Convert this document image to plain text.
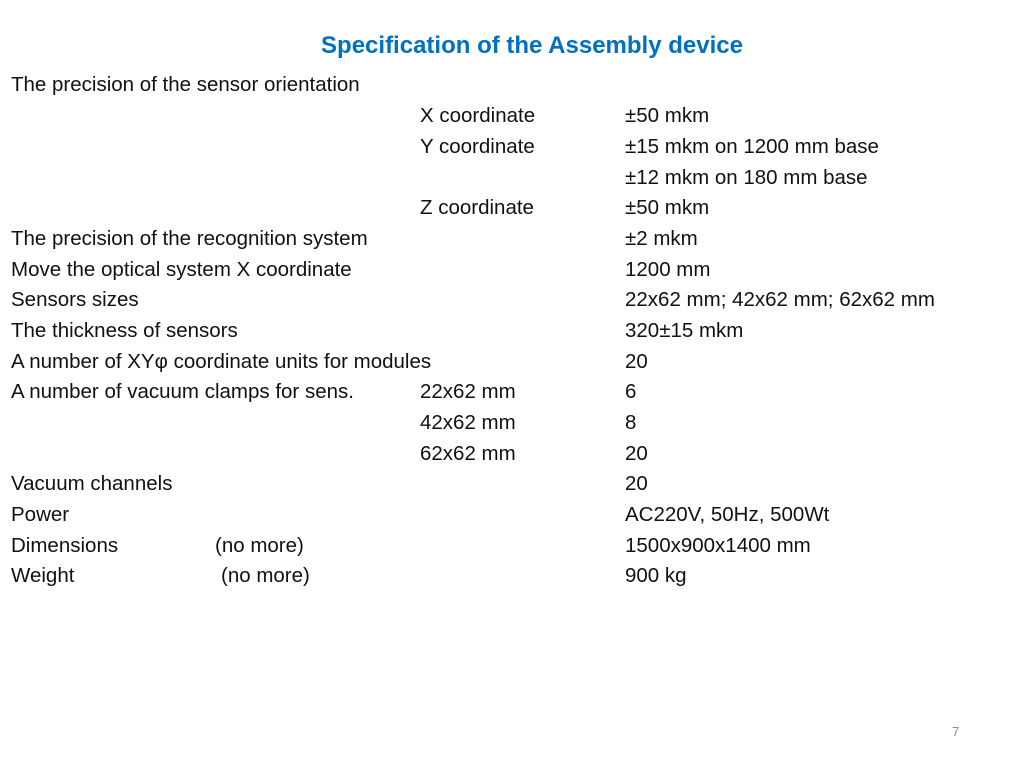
Specification of the Assembly device
The precision of the sensor orientation
X coordinate	±50 mkm
Y coordinate	±15 mkm on 1200 mm base
±12 mkm on 180 mm base
Z coordinate	±50 mkm
The precision of the recognition system	±2 mkm
Move the optical system X coordinate	1200 mm
Sensors sizes	22x62 mm; 42x62 mm; 62x62 mm
The thickness of sensors	320±15 mkm
A number of XYφ coordinate units for modules	20
A number of vacuum clamps for sens.	22x62 mm	6
42x62 mm	8
62x62 mm	20
Vacuum channels	20
Power	AC220V, 50Hz, 500Wt
Dimensions	(no more)	1500x900x1400 mm
Weight	(no more)	900 kg
7
